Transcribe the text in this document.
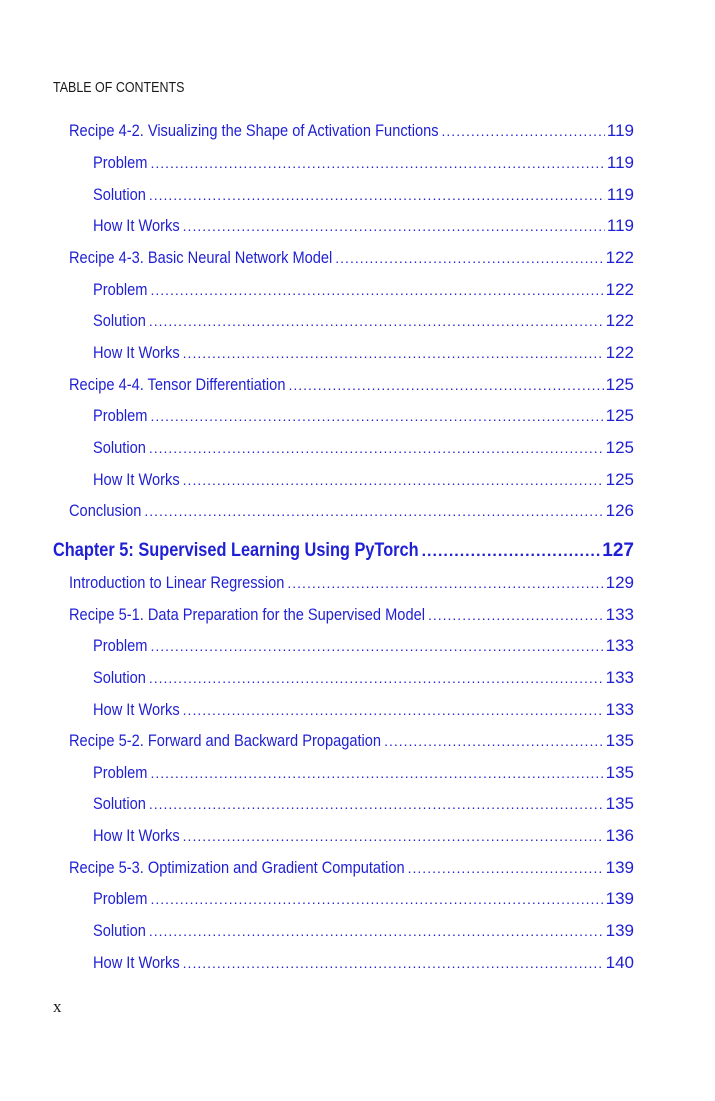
TABLE OF CONTENTS
Recipe 4-2. Visualizing the Shape of Activation Functions .....	119
Problem .....	119
Solution .....	119
How It Works .....	119
Recipe 4-3. Basic Neural Network Model .....	122
Problem .....	122
Solution .....	122
How It Works .....	122
Recipe 4-4. Tensor Differentiation .....	125
Problem .....	125
Solution .....	125
How It Works .....	125
Conclusion .....	126
Chapter 5: Supervised Learning Using PyTorch .....	127
Introduction to Linear Regression .....	129
Recipe 5-1. Data Preparation for the Supervised Model .....	133
Problem .....	133
Solution .....	133
How It Works .....	133
Recipe 5-2. Forward and Backward Propagation .....	135
Problem .....	135
Solution .....	135
How It Works .....	136
Recipe 5-3. Optimization and Gradient Computation .....	139
Problem .....	139
Solution .....	139
How It Works .....	140
x
